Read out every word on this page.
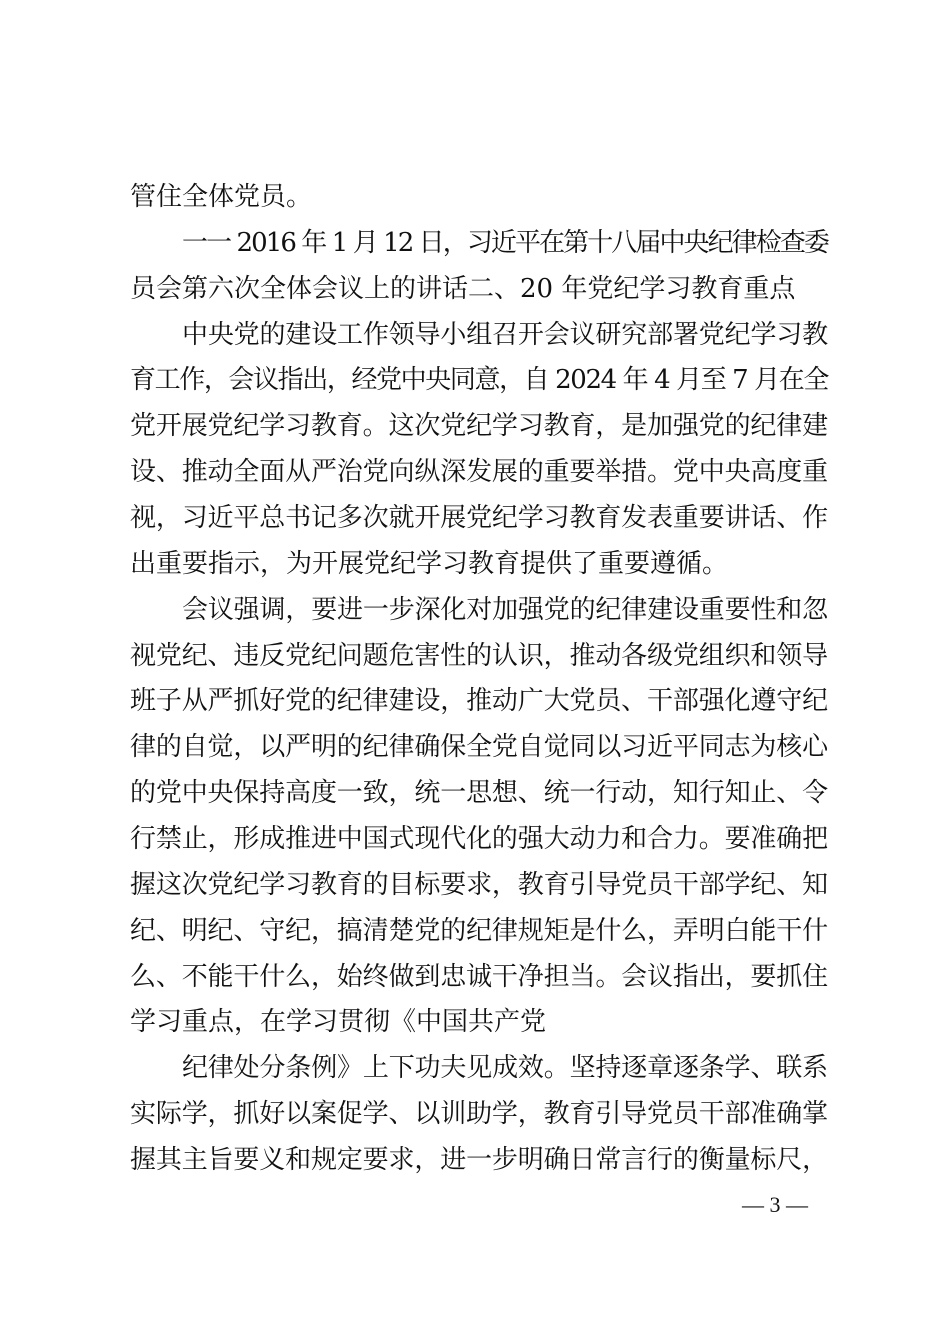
管住全体党员。
一一 2016 年 1 月 12 日，习近平在第十八届中央纪律检查委
员会第六次全体会议上的讲话二、20 年党纪学习教育重点
中央党的建设工作领导小组召开会议研究部署党纪学习教
育工作，会议指出，经党中央同意，自 2024 年 4 月至 7 月在全
党开展党纪学习教育。这次党纪学习教育，是加强党的纪律建
设、推动全面从严治党向纵深发展的重要举措。党中央高度重
视，习近平总书记多次就开展党纪学习教育发表重要讲话、作
出重要指示，为开展党纪学习教育提供了重要遵循。
会议强调，要进一步深化对加强党的纪律建设重要性和忽
视党纪、违反党纪问题危害性的认识，推动各级党组织和领导
班子从严抓好党的纪律建设，推动广大党员、干部强化遵守纪
律的自觉，以严明的纪律确保全党自觉同以习近平同志为核心
的党中央保持高度一致，统一思想、统一行动，知行知止、令
行禁止，形成推进中国式现代化的强大动力和合力。要准确把
握这次党纪学习教育的目标要求，教育引导党员干部学纪、知
纪、明纪、守纪，搞清楚党的纪律规矩是什么，弄明白能干什
么、不能干什么，始终做到忠诚干净担当。会议指出，要抓住
学习重点，在学习贯彻《中国共产党
纪律处分条例》上下功夫见成效。坚持逐章逐条学、联系
实际学，抓好以案促学、以训助学，教育引导党员干部准确掌
握其主旨要义和规定要求，进一步明确日常言行的衡量标尺，
— 3 —
